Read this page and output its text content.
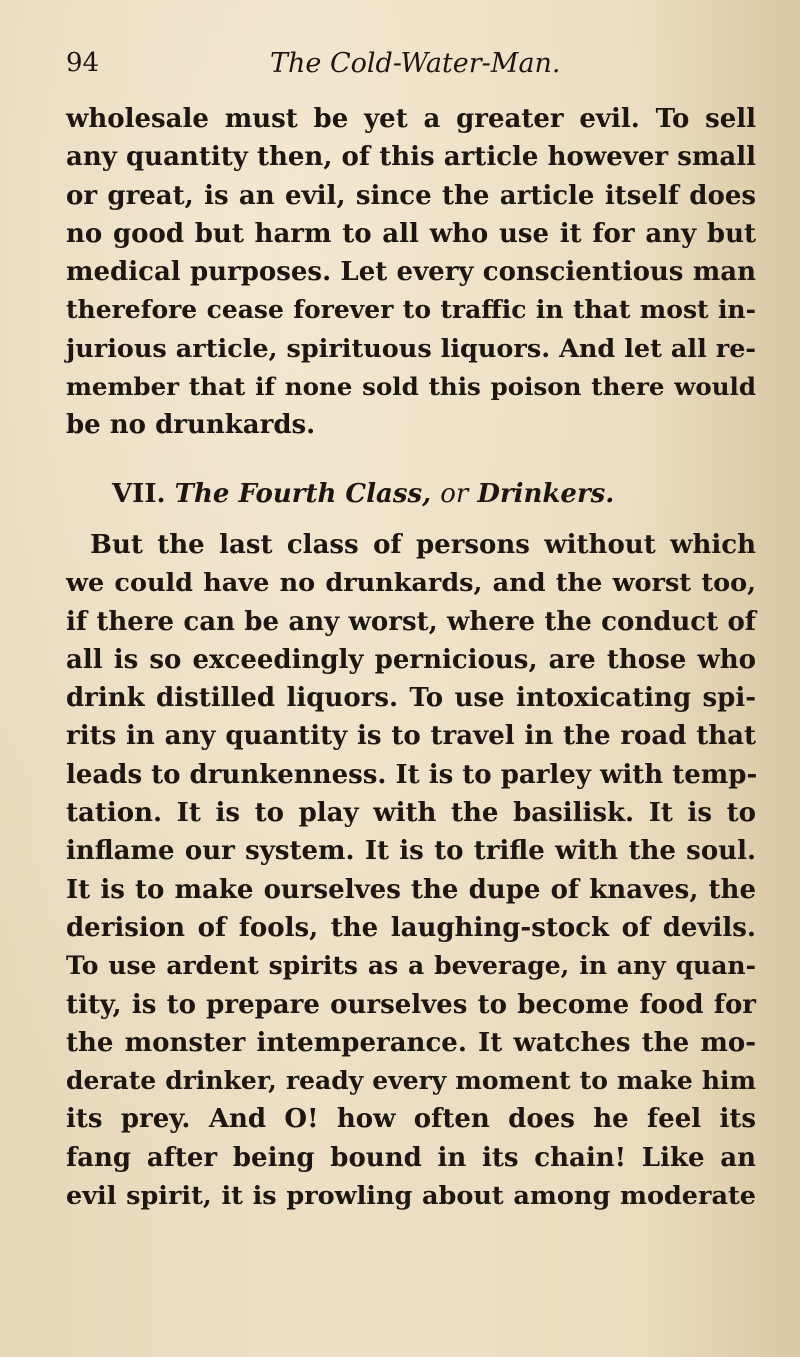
94	The Cold-Water-Man.
wholesale must be yet a greater evil. To sell
any quantity then, of this article however small
or great, is an evil, since the article itself does
no good but harm to all who use it for any but
medical purposes. Let every conscientious man
therefore cease forever to traffic in that most in-
jurious article, spirituous liquors. And let all re-
member that if none sold this poison there would
be no drunkards.
VII. The Fourth Class, or Drinkers.
But the last class of persons without which
we could have no drunkards, and the worst too,
if there can be any worst, where the conduct of
all is so exceedingly pernicious, are those who
drink distilled liquors. To use intoxicating spi-
rits in any quantity is to travel in the road that
leads to drunkenness. It is to parley with temp-
tation. It is to play with the basilisk. It is to
inflame our system. It is to trifle with the soul.
It is to make ourselves the dupe of knaves, the
derision of fools, the laughing-stock of devils.
To use ardent spirits as a beverage, in any quan-
tity, is to prepare ourselves to become food for
the monster intemperance. It watches the mo-
derate drinker, ready every moment to make him
its prey. And O! how often does he feel its
fang after being bound in its chain! Like an
evil spirit, it is prowling about among moderate
